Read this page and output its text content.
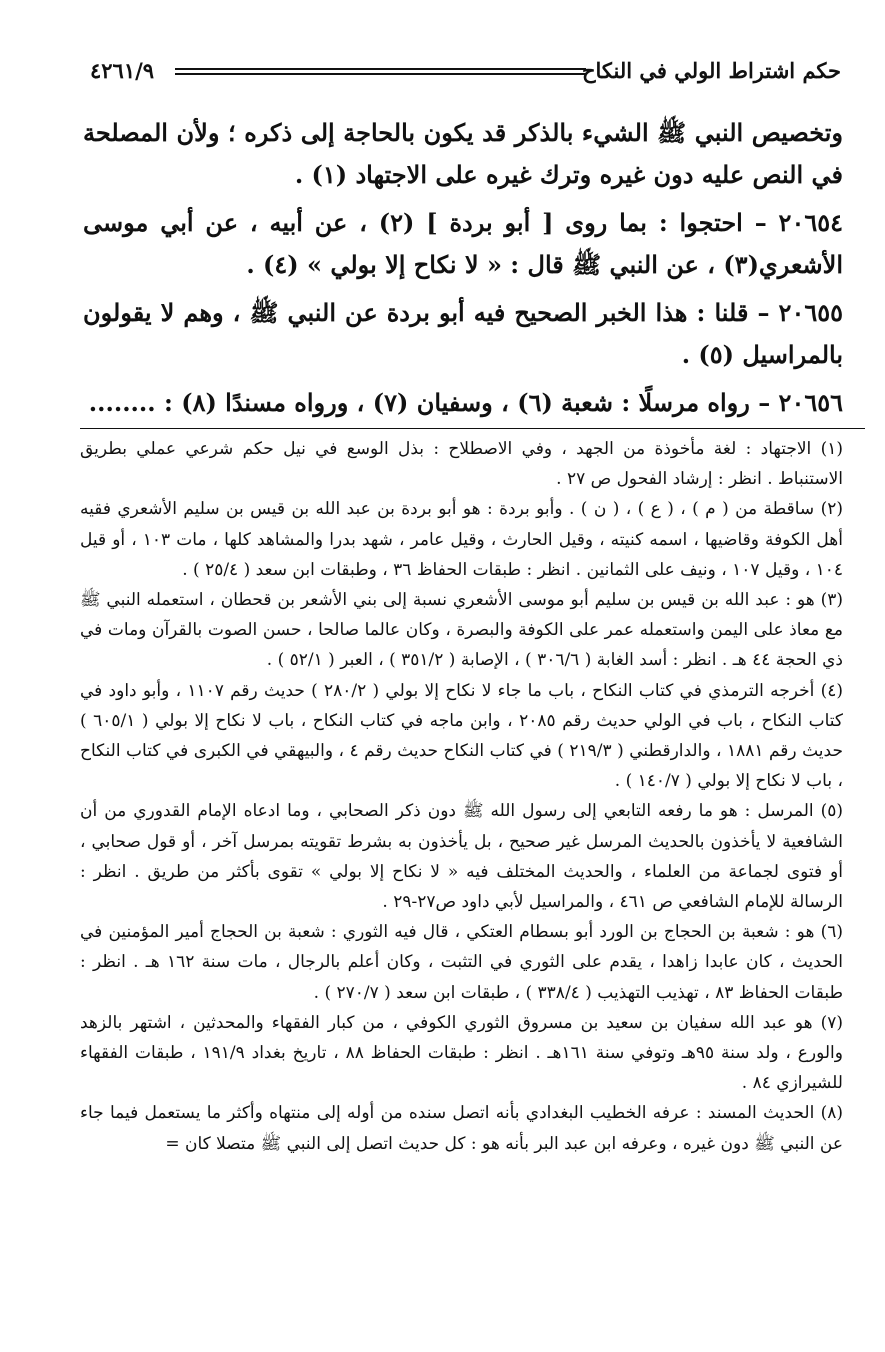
حكم اشتراط الولي في النكاح
٤٢٦١/٩

وتخصيص النبي ﷺ الشيء بالذكر قد يكون بالحاجة إلى ذكره ؛ ولأن المصلحة في النص عليه دون غيره وترك غيره على الاجتهاد (١) .

٢٠٦٥٤ – احتجوا : بما روى [ أبو بردة ] (٢) ، عن أبيه ، عن أبي موسى الأشعري(٣) ، عن النبي ﷺ قال : « لا نكاح إلا بولي » (٤) .

٢٠٦٥٥ – قلنا : هذا الخبر الصحيح فيه أبو بردة عن النبي ﷺ ، وهم لا يقولون بالمراسيل (٥) .

٢٠٦٥٦ – رواه مرسلًا : شعبة (٦) ، وسفيان (٧) ، ورواه مسندًا (٨) : ........

(١) الاجتهاد : لغة مأخوذة من الجهد ، وفي الاصطلاح : بذل الوسع في نيل حكم شرعي عملي بطريق الاستنباط . انظر : إرشاد الفحول ص ٢٧ .

(٢) ساقطة من ( م ) ، ( ع ) ، ( ن ) . وأبو بردة : هو أبو بردة بن عبد الله بن قيس بن سليم الأشعري فقيه أهل الكوفة وقاضيها ، اسمه كنيته ، وقيل الحارث ، وقيل عامر ، شهد بدرا والمشاهد كلها ، مات ١٠٣ ، أو قيل ١٠٤ ، وقيل ١٠٧ ، ونيف على الثمانين . انظر : طبقات الحفاظ ٣٦ ، وطبقات ابن سعد ( ٢٥/٤ ) .

(٣) هو : عبد الله بن قيس بن سليم أبو موسى الأشعري نسبة إلى بني الأشعر بن قحطان ، استعمله النبي ﷺ مع معاذ على اليمن واستعمله عمر على الكوفة والبصرة ، وكان عالما صالحا ، حسن الصوت بالقرآن ومات في ذي الحجة ٤٤ هـ . انظر : أسد الغابة ( ٣٠٦/٦ ) ، الإصابة ( ٣٥١/٢ ) ، العبر ( ٥٢/١ ) .

(٤) أخرجه الترمذي في كتاب النكاح ، باب ما جاء لا نكاح إلا بولي ( ٢٨٠/٢ ) حديث رقم ١١٠٧ ، وأبو داود في كتاب النكاح ، باب في الولي حديث رقم ٢٠٨٥ ، وابن ماجه في كتاب النكاح ، باب لا نكاح إلا بولي ( ٦٠٥/١ ) حديث رقم ١٨٨١ ، والدارقطني ( ٢١٩/٣ ) في كتاب النكاح حديث رقم ٤ ، والبيهقي في الكبرى في كتاب النكاح ، باب لا نكاح إلا بولي ( ١٤٠/٧ ) .

(٥) المرسل : هو ما رفعه التابعي إلى رسول الله ﷺ دون ذكر الصحابي ، وما ادعاه الإمام القدوري من أن الشافعية لا يأخذون بالحديث المرسل غير صحيح ، بل يأخذون به بشرط تقويته بمرسل آخر ، أو قول صحابي ، أو فتوى لجماعة من العلماء ، والحديث المختلف فيه « لا نكاح إلا بولي » تقوى بأكثر من طريق . انظر : الرسالة للإمام الشافعي ص ٤٦١ ، والمراسيل لأبي داود ص٢٧-٢٩ .

(٦) هو : شعبة بن الحجاج بن الورد أبو بسطام العتكي ، قال فيه الثوري : شعبة بن الحجاج أمير المؤمنين في الحديث ، كان عابدا زاهدا ، يقدم على الثوري في التثبت ، وكان أعلم بالرجال ، مات سنة ١٦٢ هـ . انظر : طبقات الحفاظ ٨٣ ، تهذيب التهذيب ( ٣٣٨/٤ ) ، طبقات ابن سعد ( ٢٧٠/٧ ) .

(٧) هو عبد الله سفيان بن سعيد بن مسروق الثوري الكوفي ، من كبار الفقهاء والمحدثين ، اشتهر بالزهد والورع ، ولد سنة ٩٥هـ وتوفي سنة ١٦١هـ . انظر : طبقات الحفاظ ٨٨ ، تاريخ بغداد ١٩١/٩ ، طبقات الفقهاء للشيرازي ٨٤ .

(٨) الحديث المسند : عرفه الخطيب البغدادي بأنه اتصل سنده من أوله إلى منتهاه وأكثر ما يستعمل فيما جاء عن النبي ﷺ دون غيره ، وعرفه ابن عبد البر بأنه هو : كل حديث اتصل إلى النبي ﷺ متصلا كان =
